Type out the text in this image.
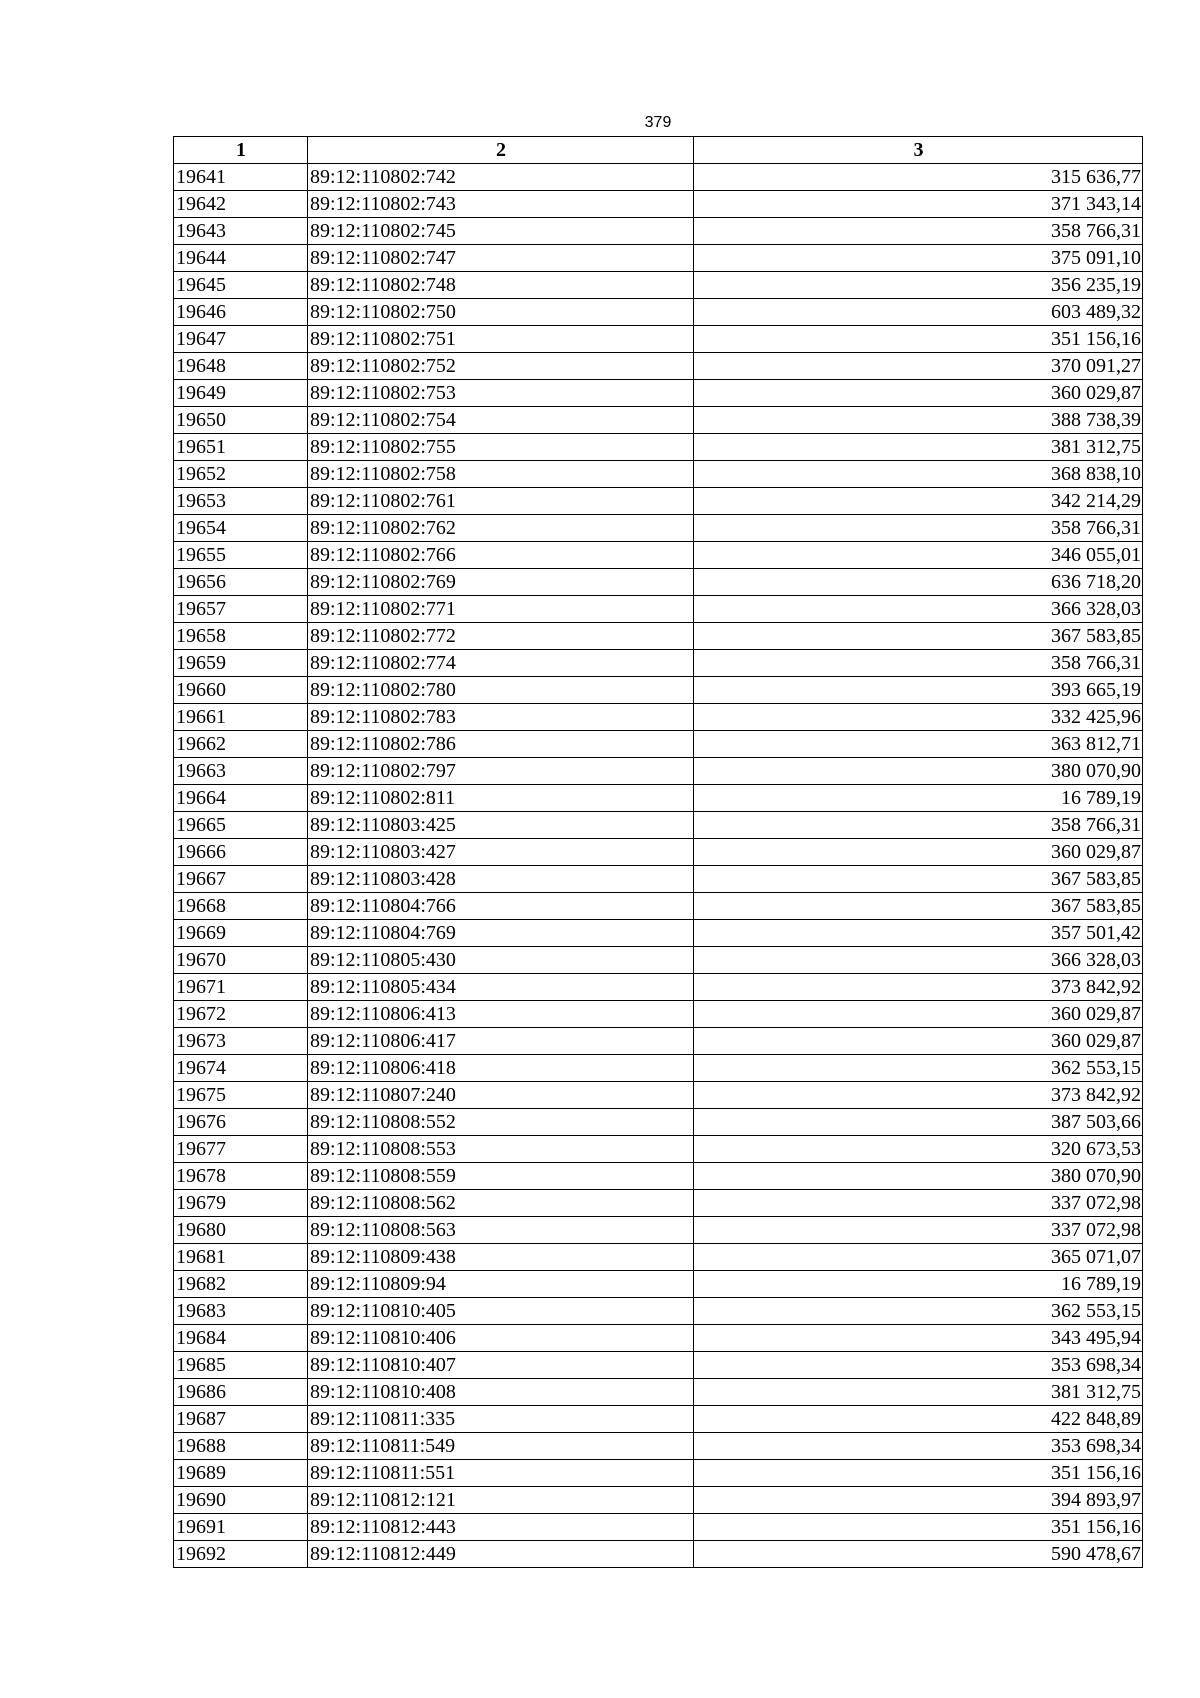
379
1	2	3
19641	89:12:110802:742	315 636,77
19642	89:12:110802:743	371 343,14
19643	89:12:110802:745	358 766,31
19644	89:12:110802:747	375 091,10
19645	89:12:110802:748	356 235,19
19646	89:12:110802:750	603 489,32
19647	89:12:110802:751	351 156,16
19648	89:12:110802:752	370 091,27
19649	89:12:110802:753	360 029,87
19650	89:12:110802:754	388 738,39
19651	89:12:110802:755	381 312,75
19652	89:12:110802:758	368 838,10
19653	89:12:110802:761	342 214,29
19654	89:12:110802:762	358 766,31
19655	89:12:110802:766	346 055,01
19656	89:12:110802:769	636 718,20
19657	89:12:110802:771	366 328,03
19658	89:12:110802:772	367 583,85
19659	89:12:110802:774	358 766,31
19660	89:12:110802:780	393 665,19
19661	89:12:110802:783	332 425,96
19662	89:12:110802:786	363 812,71
19663	89:12:110802:797	380 070,90
19664	89:12:110802:811	16 789,19
19665	89:12:110803:425	358 766,31
19666	89:12:110803:427	360 029,87
19667	89:12:110803:428	367 583,85
19668	89:12:110804:766	367 583,85
19669	89:12:110804:769	357 501,42
19670	89:12:110805:430	366 328,03
19671	89:12:110805:434	373 842,92
19672	89:12:110806:413	360 029,87
19673	89:12:110806:417	360 029,87
19674	89:12:110806:418	362 553,15
19675	89:12:110807:240	373 842,92
19676	89:12:110808:552	387 503,66
19677	89:12:110808:553	320 673,53
19678	89:12:110808:559	380 070,90
19679	89:12:110808:562	337 072,98
19680	89:12:110808:563	337 072,98
19681	89:12:110809:438	365 071,07
19682	89:12:110809:94	16 789,19
19683	89:12:110810:405	362 553,15
19684	89:12:110810:406	343 495,94
19685	89:12:110810:407	353 698,34
19686	89:12:110810:408	381 312,75
19687	89:12:110811:335	422 848,89
19688	89:12:110811:549	353 698,34
19689	89:12:110811:551	351 156,16
19690	89:12:110812:121	394 893,97
19691	89:12:110812:443	351 156,16
19692	89:12:110812:449	590 478,67
